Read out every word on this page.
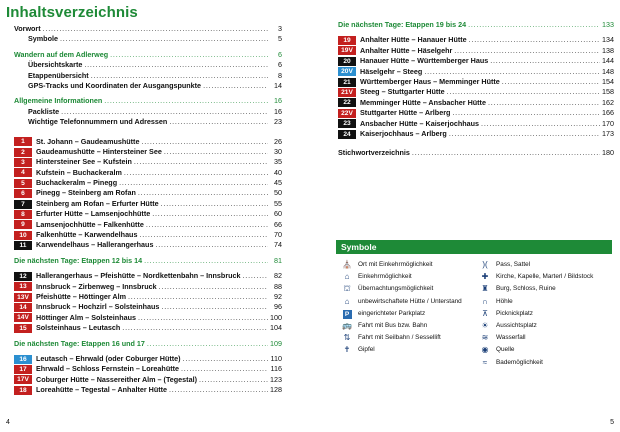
Inhaltsverzeichnis
Vorwort . . .	3
Symbole . . .	5
Wandern auf dem Adlerweg . . .	6
Übersichtskarte . . .	6
Etappenübersicht . . .	8
GPS-Tracks und Koordinaten der Ausgangspunkte . . .	14
Allgemeine Informationen . . .	16
Packliste . . .	16
Wichtige Telefonnummern und Adressen . . .	23
1	St. Johann – Gaudeamushütte . . .	26
2	Gaudeamushütte – Hintersteiner See . . .	30
3	Hintersteiner See – Kufstein . . .	35
4	Kufstein – Buchackeralm . . .	40
5	Buchackeralm – Pinegg . . .	45
6	Pinegg – Steinberg am Rofan . . .	50
7	Steinberg am Rofan – Erfurter Hütte . . .	55
8	Erfurter Hütte – Lamsenjochhütte . . .	60
9	Lamsenjochhütte – Falkenhütte . . .	66
10	Falkenhütte – Karwendelhaus . . .	70
11	Karwendelhaus – Hallerangerhaus . . .	74
Die nächsten Tage: Etappen 12 bis 14 . . .	81
12	Hallerangerhaus – Pfeishütte – Nordkettenbahn – Innsbruck . . .	82
13	Innsbruck – Zirbenweg – Innsbruck . . .	88
13V Pfeishütte – Höttinger Alm . . .	92
14	Innsbruck – Hochzirl – Solsteinhaus . . .	96
14V Höttinger Alm – Solsteinhaus . . .	100
15	Solsteinhaus – Leutasch . . .	104
Die nächsten Tage: Etappen 16 und 17 . . .	109
16	Leutasch – Ehrwald (oder Coburger Hütte) . . .	110
17	Ehrwald – Schloss Fernstein – Loreahütte . . .	116
17V Coburger Hütte – Nassereither Alm – (Tegestal) . . .	123
18	Loreahütte – Tegestal – Anhalter Hütte . . .	128
Die nächsten Tage: Etappen 19 bis 24 . . .	133
19	Anhalter Hütte – Hanauer Hütte . . .	134
19V Anhalter Hütte – Häselgehr . . .	138
20	Hanauer Hütte – Württemberger Haus . . .	144
20V Häselgehr – Steeg . . .	148
21	Württemberger Haus – Memminger Hütte . . .	154
21V Steeg – Stuttgarter Hütte . . .	158
22	Memminger Hütte – Ansbacher Hütte . . .	162
22V Stuttgarter Hütte – Arlberg . . .	166
23	Ansbacher Hütte – Kaiserjochhaus . . .	170
24	Kaiserjochhaus – Arlberg . . .	173
Stichwortverzeichnis . . .	180
Symbole
⛪ Ort mit Einkehrmöglichkeit
⌂	Einkehrmöglichkeit
⛫	Übernachtungsmöglichkeit
⌂	unbewirtschaftete Hütte / Unterstand
P	eingerichteter Parkplatz
🚌 Fahrt mit Bus bzw. Bahn
⇅	Fahrt mit Seilbahn / Sessellift
✝	Gipfel
)(	Pass, Sattel
✚	Kirche, Kapelle, Marterl / Bildstock
♜	Burg, Schloss, Ruine
∩	Höhle
⊼	Picknickplatz
☀	Aussichtsplatz
≋	Wasserfall
◉	Quelle
≈	Bademöglichkeit
4	5
